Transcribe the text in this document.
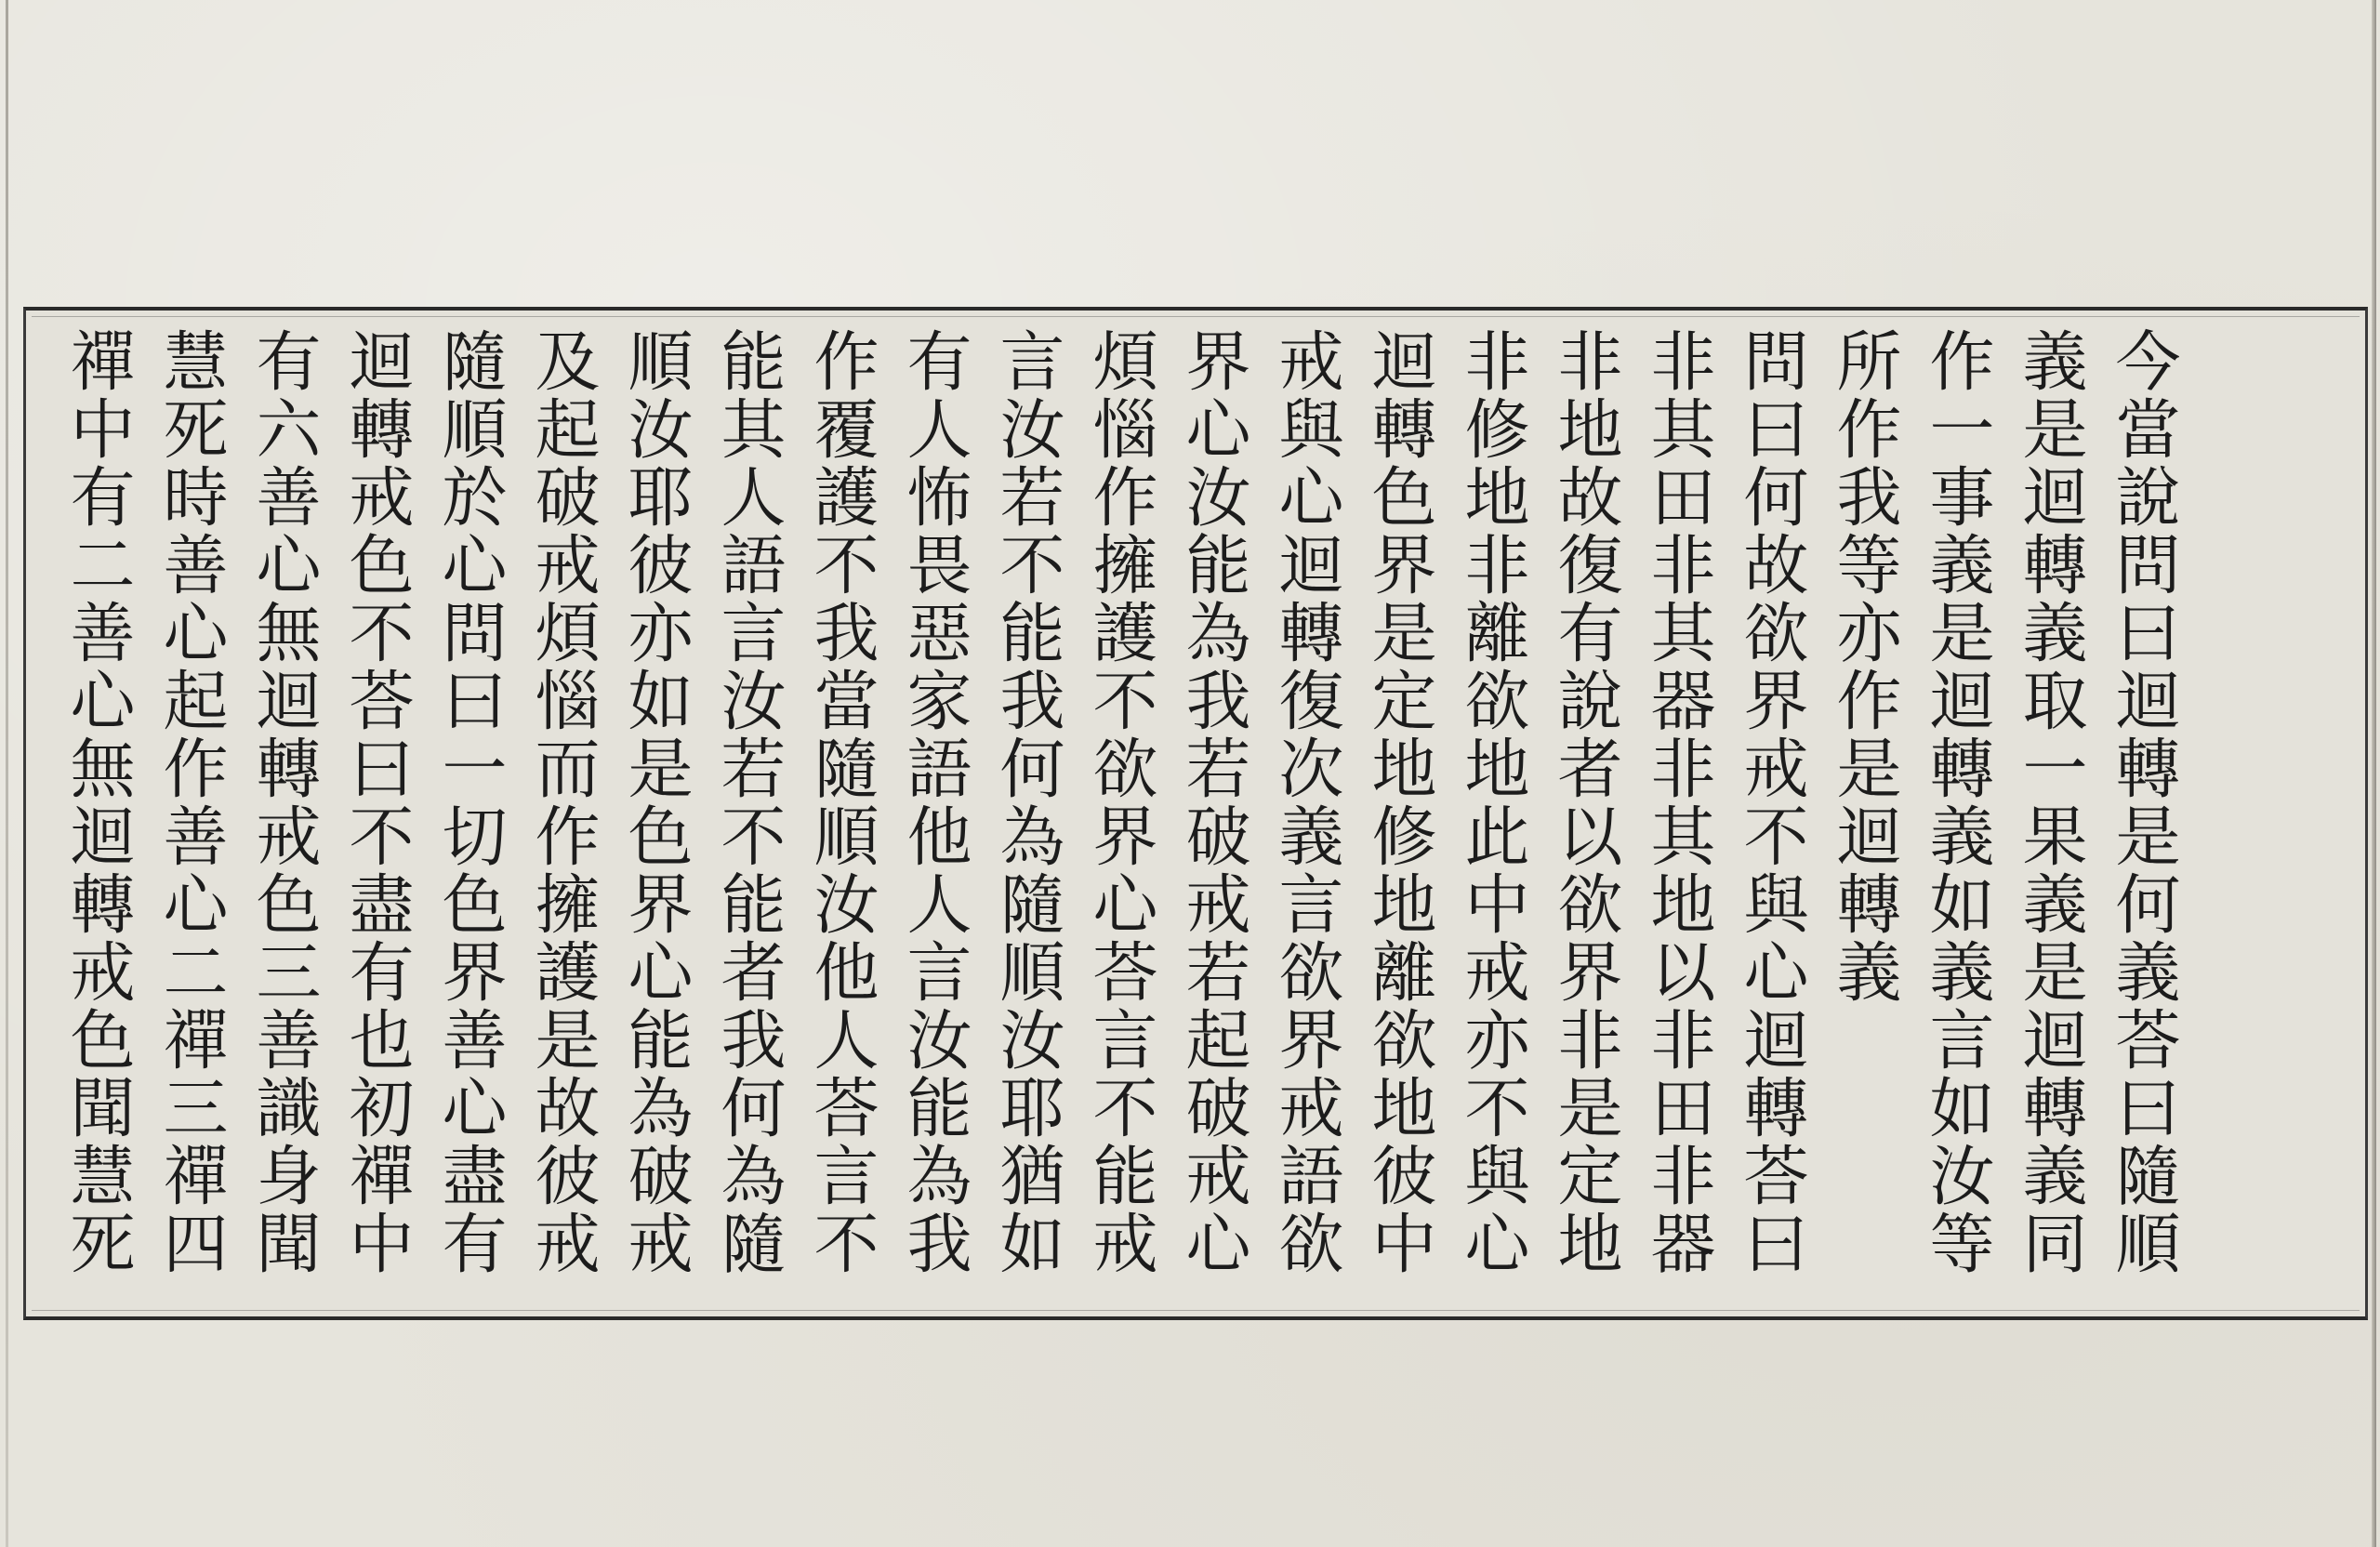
今當說問曰迴轉是何義荅曰隨順
義是迴轉義取一果義是迴轉義同
作一事義是迴轉義如義言如汝等
所作我等亦作是迴轉義
問曰何故欲界戒不與心迴轉荅曰
非其田非其器非其地以非田非器
非地故復有說者以欲界非是定地
非修地非離欲地此中戒亦不與心
迴轉色界是定地修地離欲地彼中
戒與心迴轉復次義言欲界戒語欲
界心汝能為我若破戒若起破戒心
煩惱作擁護不欲界心荅言不能戒
言汝若不能我何為隨順汝耶猶如
有人怖畏惡家語他人言汝能為我
作覆護不我當隨順汝他人荅言不
能其人語言汝若不能者我何為隨
順汝耶彼亦如是色界心能為破戒
及起破戒煩惱而作擁護是故彼戒
隨順於心問曰一切色界善心盡有
迴轉戒色不荅曰不盡有也初禪中
有六善心無迴轉戒色三善識身聞
慧死時善心起作善心二禪三禪四
禪中有二善心無迴轉戒色聞慧死
